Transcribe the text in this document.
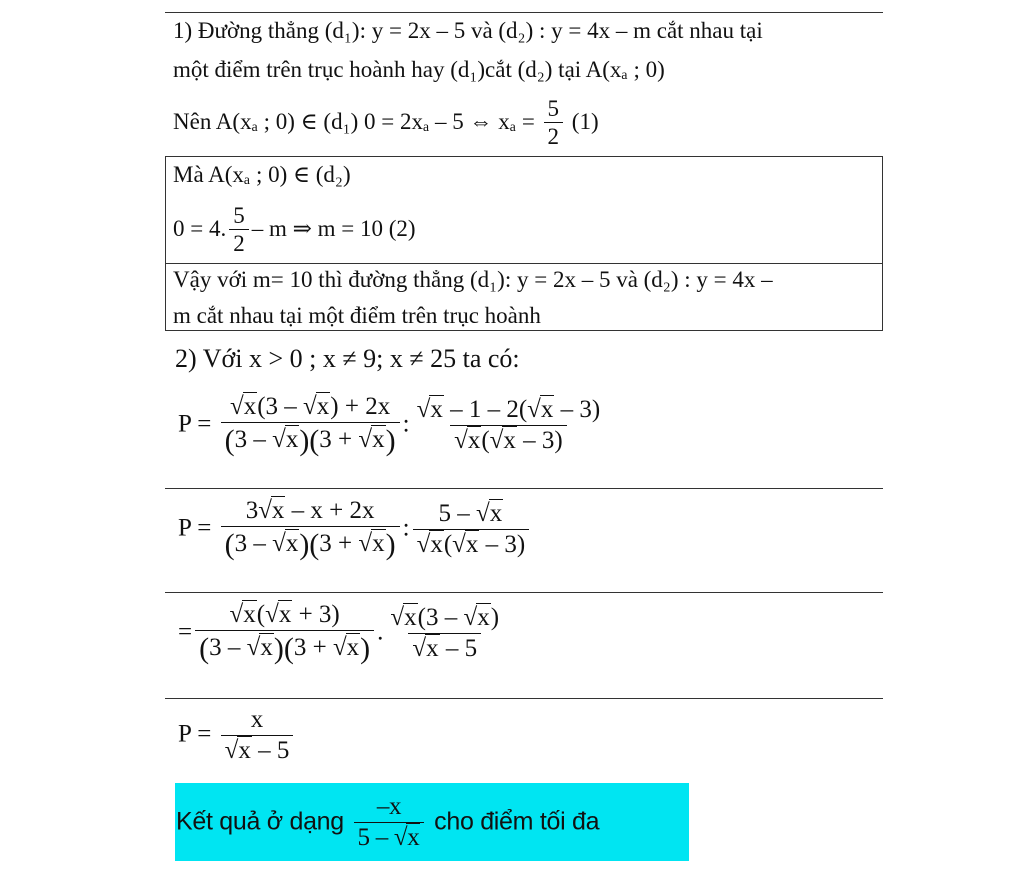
1) Đường thẳng (d₁): y = 2x – 5 và (d₂) : y = 4x – m cắt nhau tại
một điểm trên trục hoành hay (d₁)cắt (d₂) tại A(xₐ ; 0)
Nên A(xₐ ; 0) ∈ (d₁) 0 = 2xₐ – 5 ⇔ $x_a = \frac{5}{2} (1)$
Mà A(xₐ ; 0) ∈ (d₂)
0 = 4. $\frac{5}{2}$ – m ⇒ m = 10 (2)
Vậy với m= 10 thì đường thẳng (d₁): y = 2x – 5 và (d₂) : y = 4x –
m cắt nhau tại một điểm trên trục hoành
2) Với x > 0 ; x ≠ 9; x ≠ 25 ta có:
$P = \frac{√x(3 - √x) + 2x}{(3 - √x)(3 + √x)}$ : $\frac{√x - 1 - 2(√x - 3)}{√x(√x - 3)}$
$P = \frac{3√x - x + 2x}{(3 - √x)(3 + √x)}$ : $\frac{5 - √x}{√x(√x - 3)}$
= $\frac{√x(√x + 3)}{(3 - √x)(3 + √x)}$ . $\frac{√x(3 - √x)}{√x - 5}$
$P = \frac{x}{√x - 5}$
Kết quả ở dạng $\frac{-x}{5 - √x}$ cho điểm tối đa
